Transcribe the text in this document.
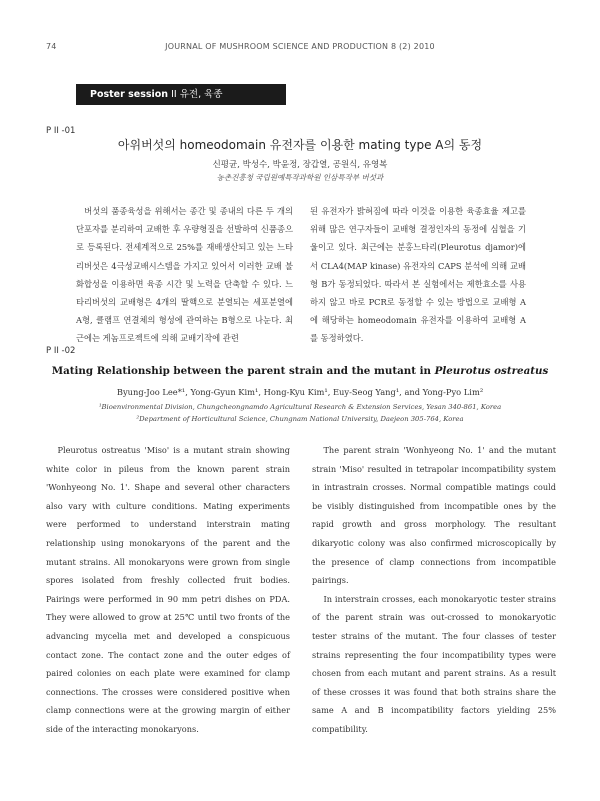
74	JOURNAL OF MUSHROOM SCIENCE AND PRODUCTION 8 (2) 2010
Poster session II 유전, 육종
P II -01
아위버섯의 homeodomain 유전자를 이용한 mating type A의 동정
신평균, 박성수, 박윤정, 장갑열, 공원식, 유영복
농촌진흥청 국립원예특작과학원 인삼특작부 버섯과

버섯의 품종육성을 위해서는 종간 및 종내의 다른 두 개의 단포자를 분리하여 교배한 후 우량형질을 선발하여 신품종으로 등록된다. 전세계적으로 25%를 재배생산되고 있는 느타리버섯은 4극성교배시스템을 가지고 있어서 이러한 교배 불화합성을 이용하면 육종 시간 및 노력을 단축할 수 있다. 느타리버섯의 교배형은 4개의 딸핵으로 분열되는 세포분열에 A형, 클램프 연결체의 형성에 관여하는 B형으로 나눈다. 최근에는 게놈프로젝트에 의해 교배기작에 관련

된 유전자가 밝혀짐에 따라 이것을 이용한 육종효율 제고를 위해 많은 연구자들이 교배형 결정인자의 동정에 심혈을 기울이고 있다. 최근에는 분홍느타리(Pleurotus djamor)에서 CLA4(MAP kinase) 유전자의 CAPS 분석에 의해 교배형 B가 동정되었다. 따라서 본 실험에서는 제한효소를 사용하지 않고 바로 PCR로 동정할 수 있는 방법으로 교배형 A에 해당하는 homeodomain 유전자를 이용하여 교배형 A를 동정하였다.

P II -02
Mating Relationship between the parent strain and the mutant in Pleurotus ostreatus
Byung-Joo Lee*¹, Yong-Gyun Kim¹, Hong-Kyu Kim¹, Euy-Seog Yang¹, and Yong-Pyo Lim²
¹Bioenvironmental Division, Chungcheongnamdo Agricultural Research & Extension Services, Yesan 340-861, Korea
²Department of Horticultural Science, Chungnam National University, Daejeon 305-764, Korea

Pleurotus ostreatus 'Miso' is a mutant strain showing white color in pileus from the known parent strain 'Wonhyeong No. 1'. Shape and several other characters also vary with culture conditions. Mating experiments were performed to understand interstrain mating relationship using monokaryons of the parent and the mutant strains. All monokaryons were grown from single spores isolated from freshly collected fruit bodies. Pairings were performed in 90 mm petri dishes on PDA. They were allowed to grow at 25℃ until two fronts of the advancing mycelia met and developed a conspicuous contact zone. The contact zone and the outer edges of paired colonies on each plate were examined for clamp connections. The crosses were considered positive when clamp connections were at the growing margin of either side of the interacting monokaryons.

The parent strain 'Wonhyeong No. 1' and the mutant strain 'Miso' resulted in tetrapolar incompatibility system in intrastrain crosses. Normal compatible matings could be visibly distinguished from incompatible ones by the rapid growth and gross morphology. The resultant dikaryotic colony was also confirmed microscopically by the presence of clamp connections from incompatible pairings.

In interstrain crosses, each monokaryotic tester strains of the parent strain was out-crossed to monokaryotic tester strains of the mutant. The four classes of tester strains representing the four incompatibility types were chosen from each mutant and parent strains. As a result of these crosses it was found that both strains share the same A and B incompatibility factors yielding 25% compatibility.
